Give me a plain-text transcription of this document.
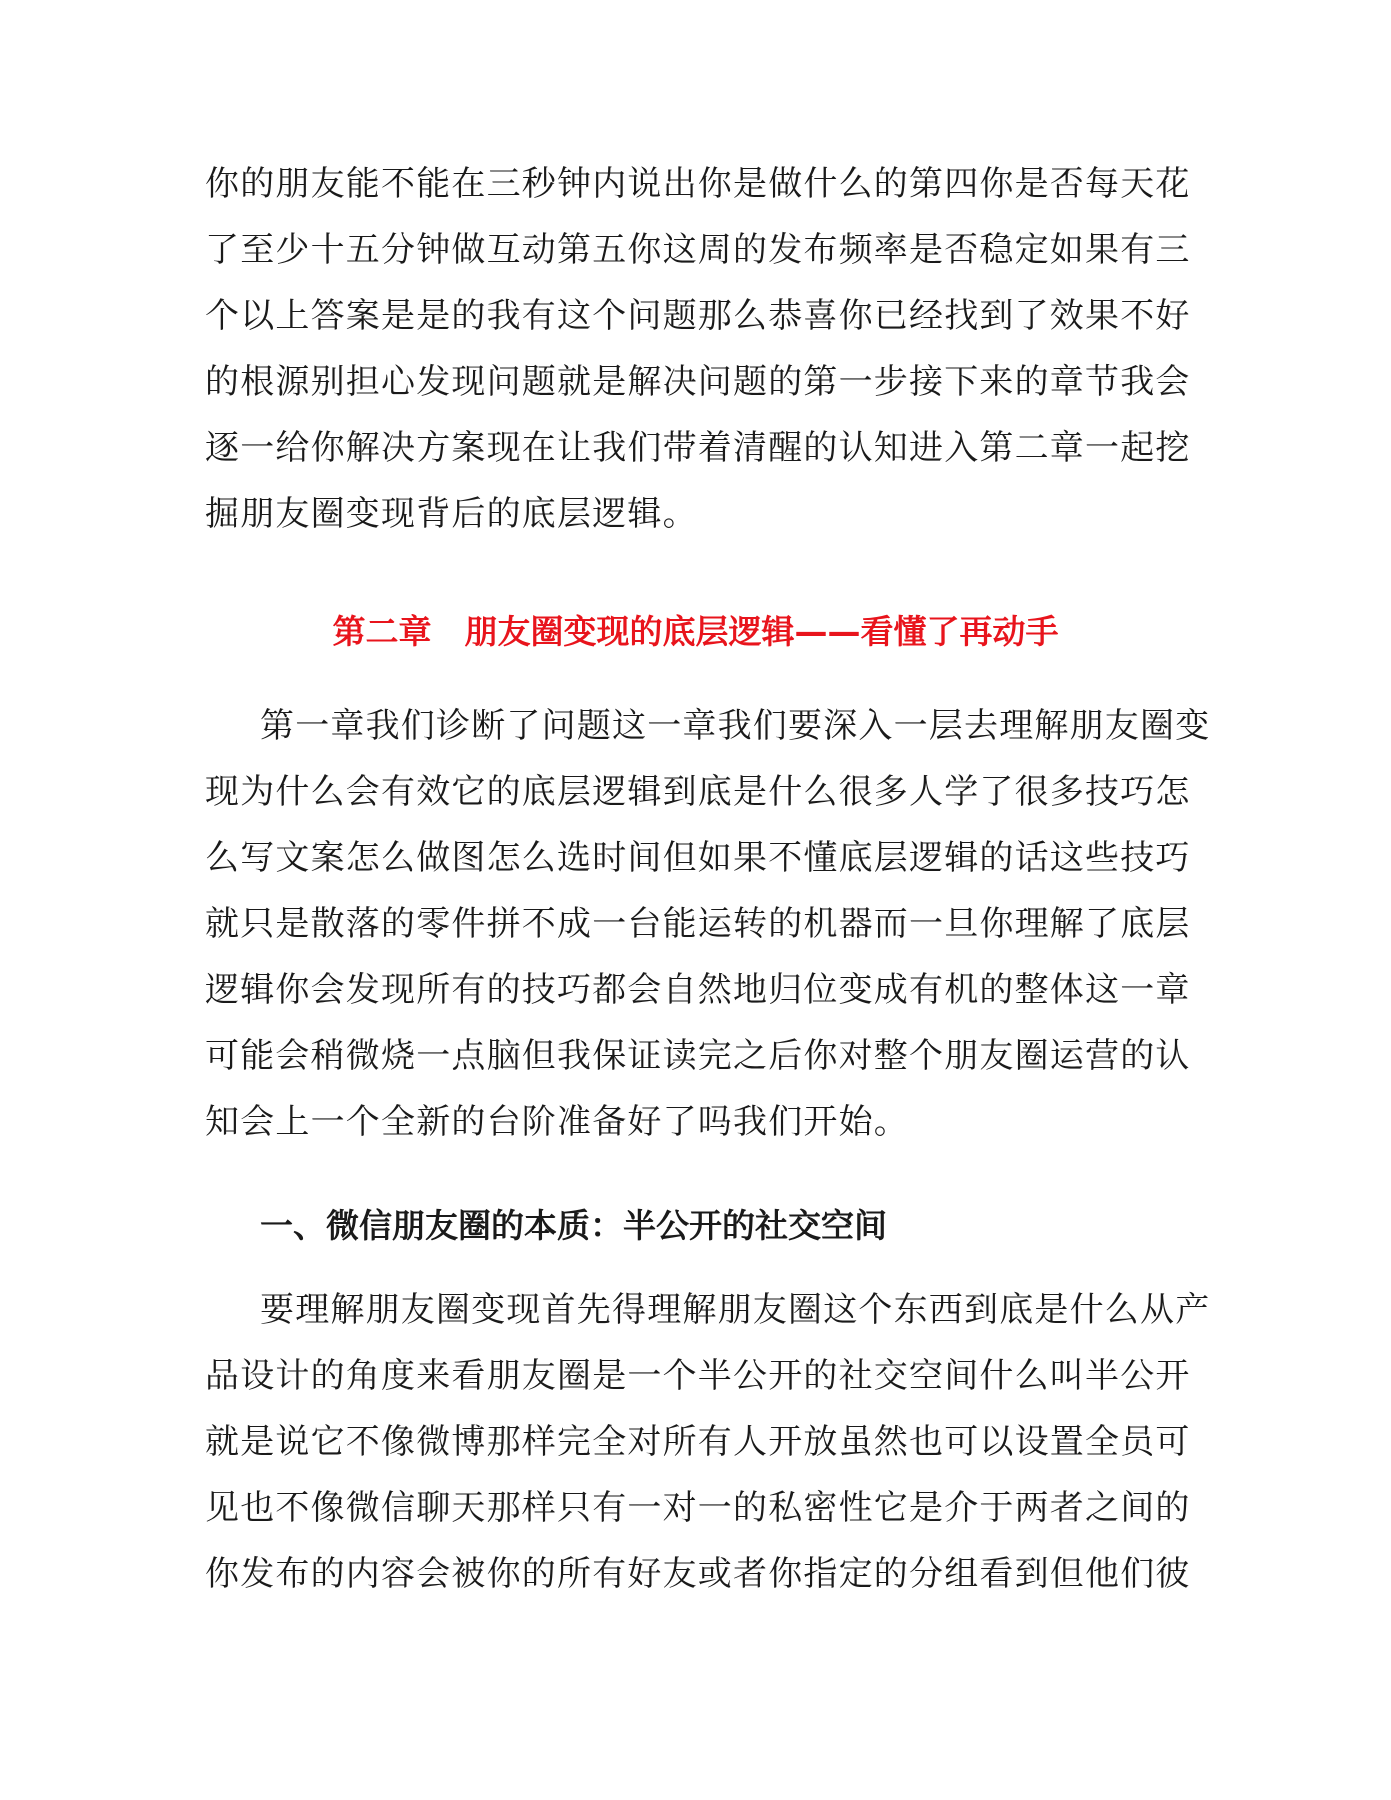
你的朋友能不能在三秒钟内说出你是做什么的第四你是否每天花
了至少十五分钟做互动第五你这周的发布频率是否稳定如果有三
个以上答案是是的我有这个问题那么恭喜你已经找到了效果不好
的根源别担心发现问题就是解决问题的第一步接下来的章节我会
逐一给你解决方案现在让我们带着清醒的认知进入第二章一起挖
掘朋友圈变现背后的底层逻辑。
第二章　朋友圈变现的底层逻辑——看懂了再动手
第一章我们诊断了问题这一章我们要深入一层去理解朋友圈变
现为什么会有效它的底层逻辑到底是什么很多人学了很多技巧怎
么写文案怎么做图怎么选时间但如果不懂底层逻辑的话这些技巧
就只是散落的零件拼不成一台能运转的机器而一旦你理解了底层
逻辑你会发现所有的技巧都会自然地归位变成有机的整体这一章
可能会稍微烧一点脑但我保证读完之后你对整个朋友圈运营的认
知会上一个全新的台阶准备好了吗我们开始。
一、微信朋友圈的本质：半公开的社交空间
要理解朋友圈变现首先得理解朋友圈这个东西到底是什么从产
品设计的角度来看朋友圈是一个半公开的社交空间什么叫半公开
就是说它不像微博那样完全对所有人开放虽然也可以设置全员可
见也不像微信聊天那样只有一对一的私密性它是介于两者之间的
你发布的内容会被你的所有好友或者你指定的分组看到但他们彼
